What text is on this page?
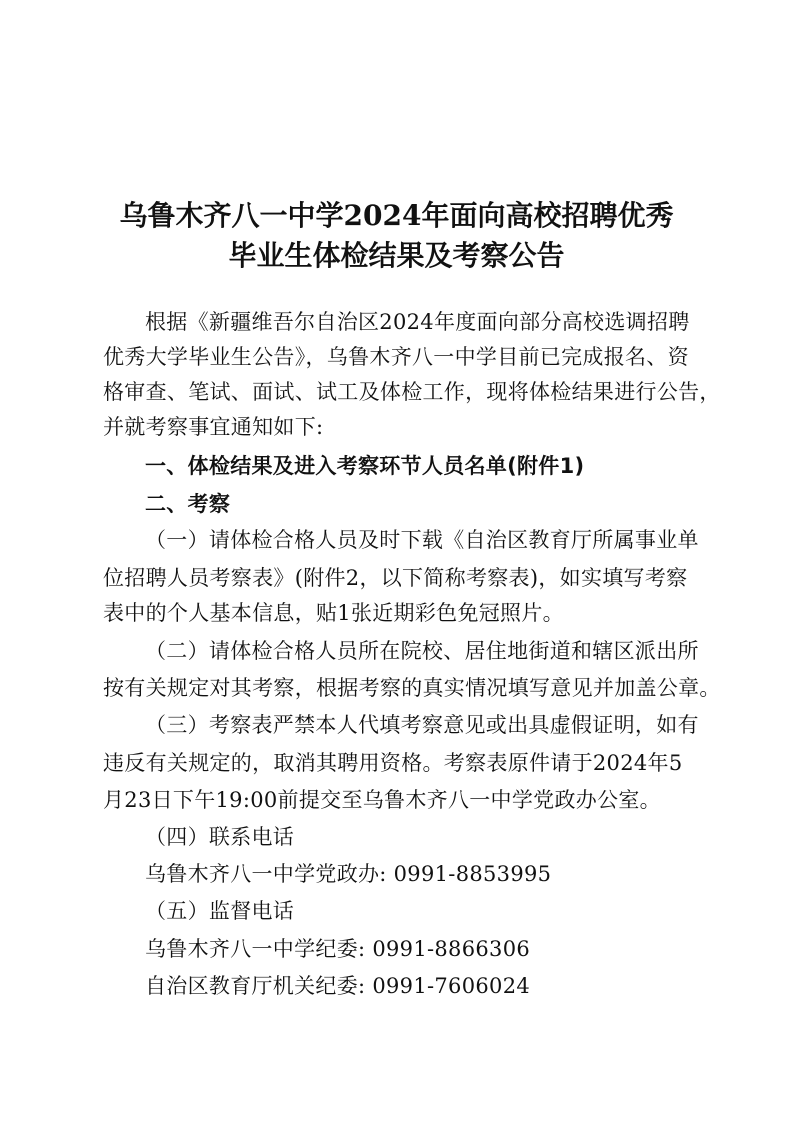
乌鲁木齐八一中学2024年面向高校招聘优秀
毕业生体检结果及考察公告
根据《新疆维吾尔自治区2024年度面向部分高校选调招聘
优秀大学毕业生公告》，乌鲁木齐八一中学目前已完成报名、资
格审查、笔试、面试、试工及体检工作，现将体检结果进行公告，
并就考察事宜通知如下:
一、体检结果及进入考察环节人员名单(附件1)
二、考察
（一）请体检合格人员及时下载《自治区教育厅所属事业单
位招聘人员考察表》(附件2，以下简称考察表)，如实填写考察
表中的个人基本信息，贴1张近期彩色免冠照片。
（二）请体检合格人员所在院校、居住地街道和辖区派出所
按有关规定对其考察，根据考察的真实情况填写意见并加盖公章。
（三）考察表严禁本人代填考察意见或出具虚假证明，如有
违反有关规定的，取消其聘用资格。考察表原件请于2024年5
月23日下午19:00前提交至乌鲁木齐八一中学党政办公室。
（四）联系电话
乌鲁木齐八一中学党政办: 0991-8853995
（五）监督电话
乌鲁木齐八一中学纪委: 0991-8866306
自治区教育厅机关纪委: 0991-7606024
